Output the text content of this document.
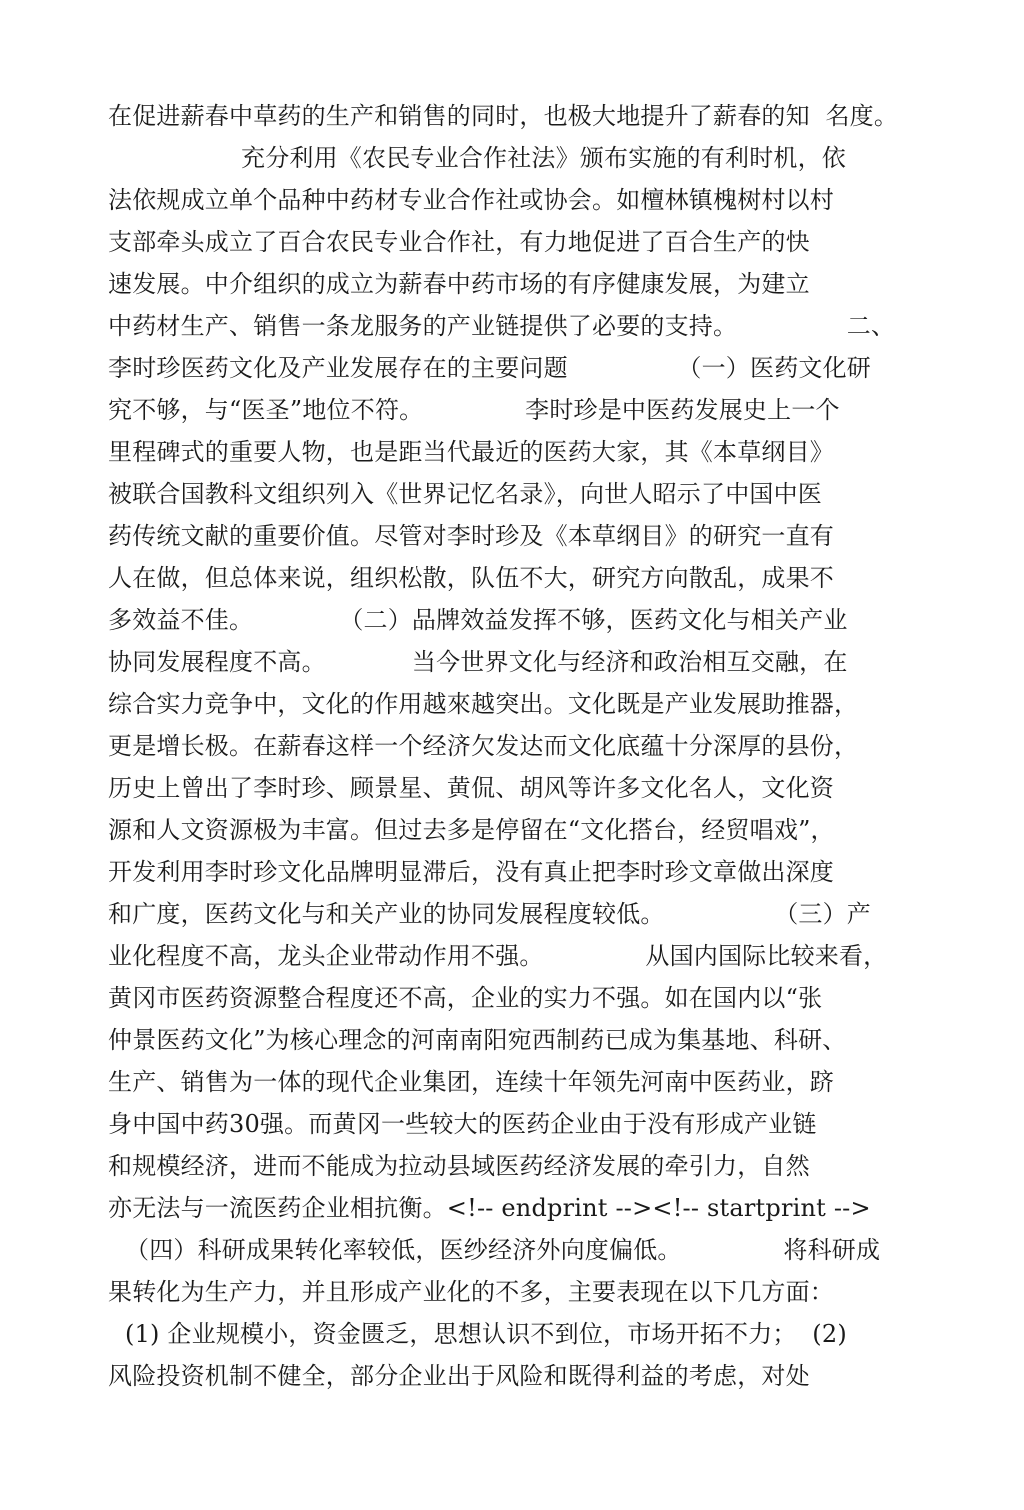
在促进薪春中草药的生产和销售的同时，也极大地提升了薪春的知  名度。
充分利用《农民专业合作社法》颁布实施的有利时机，依
法依规成立单个品种中药材专业合作社或协会。如檀林镇槐树村以村
支部牵头成立了百合农民专业合作社，有力地促进了百合生产的快
速发展。中介组织的成立为薪春中药市场的有序健康发展，为建立
中药材生产、销售一条龙服务的产业链提供了必要的支持。              二、
李时珍医药文化及产业发展存在的主要问题              （一）医药文化研
究不够，与“医圣”地位不符。             李时珍是中医药发展史上一个
里程碑式的重要人物，也是距当代最近的医药大家，其《本草纲目》
被联合国教科文组织列入《世界记忆名录》，向世人昭示了中国中医
药传统文献的重要价值。尽管对李时珍及《本草纲目》的研究一直有
人在做，但总体来说，组织松散，队伍不大，研究方向散乱，成果不
多效益不佳。           （二）品牌效益发挥不够，医药文化与相关产业
协同发展程度不高。           当今世界文化与经济和政治相互交融，在
综合实力竞争中，文化的作用越來越突出。文化既是产业发展助推器，
更是增长极。在薪春这样一个经济欠发达而文化底蕴十分深厚的县份，
历史上曾出了李时珍、顾景星、黄侃、胡风等许多文化名人，文化资
源和人文资源极为丰富。但过去多是停留在“文化搭台，经贸唱戏”，
开发利用李时珍文化品牌明显滞后，没有真止把李时珍文章做出深度
和广度，医药文化与和关产业的协同发展程度较低。              （三）产
业化程度不高，龙头企业带动作用不强。             从国内国际比较来看，
黄冈市医药资源整合程度还不高，企业的实力不强。如在国内以“张
仲景医药文化”为核心理念的河南南阳宛西制药已成为集基地、科研、
生产、销售为一体的现代企业集团，连续十年领先河南中医药业，跻
身中国中药30强。而黄冈一些较大的医药企业由于没有形成产业链
和规模经济，进而不能成为拉动县域医药经济发展的牵引力，自然
亦无法与一流医药企业相抗衡。<!-- endprint --><!-- startprint -->
（四）科研成果转化率较低，医纱经济外向度偏低。             将科研成
果转化为生产力，并且形成产业化的不多，主要表现在以下几方面：
(1) 企业规模小，资金匮乏，思想认识不到位，市场开拓不力；  (2)
风险投资机制不健全，部分企业出于风险和既得利益的考虑，对处
